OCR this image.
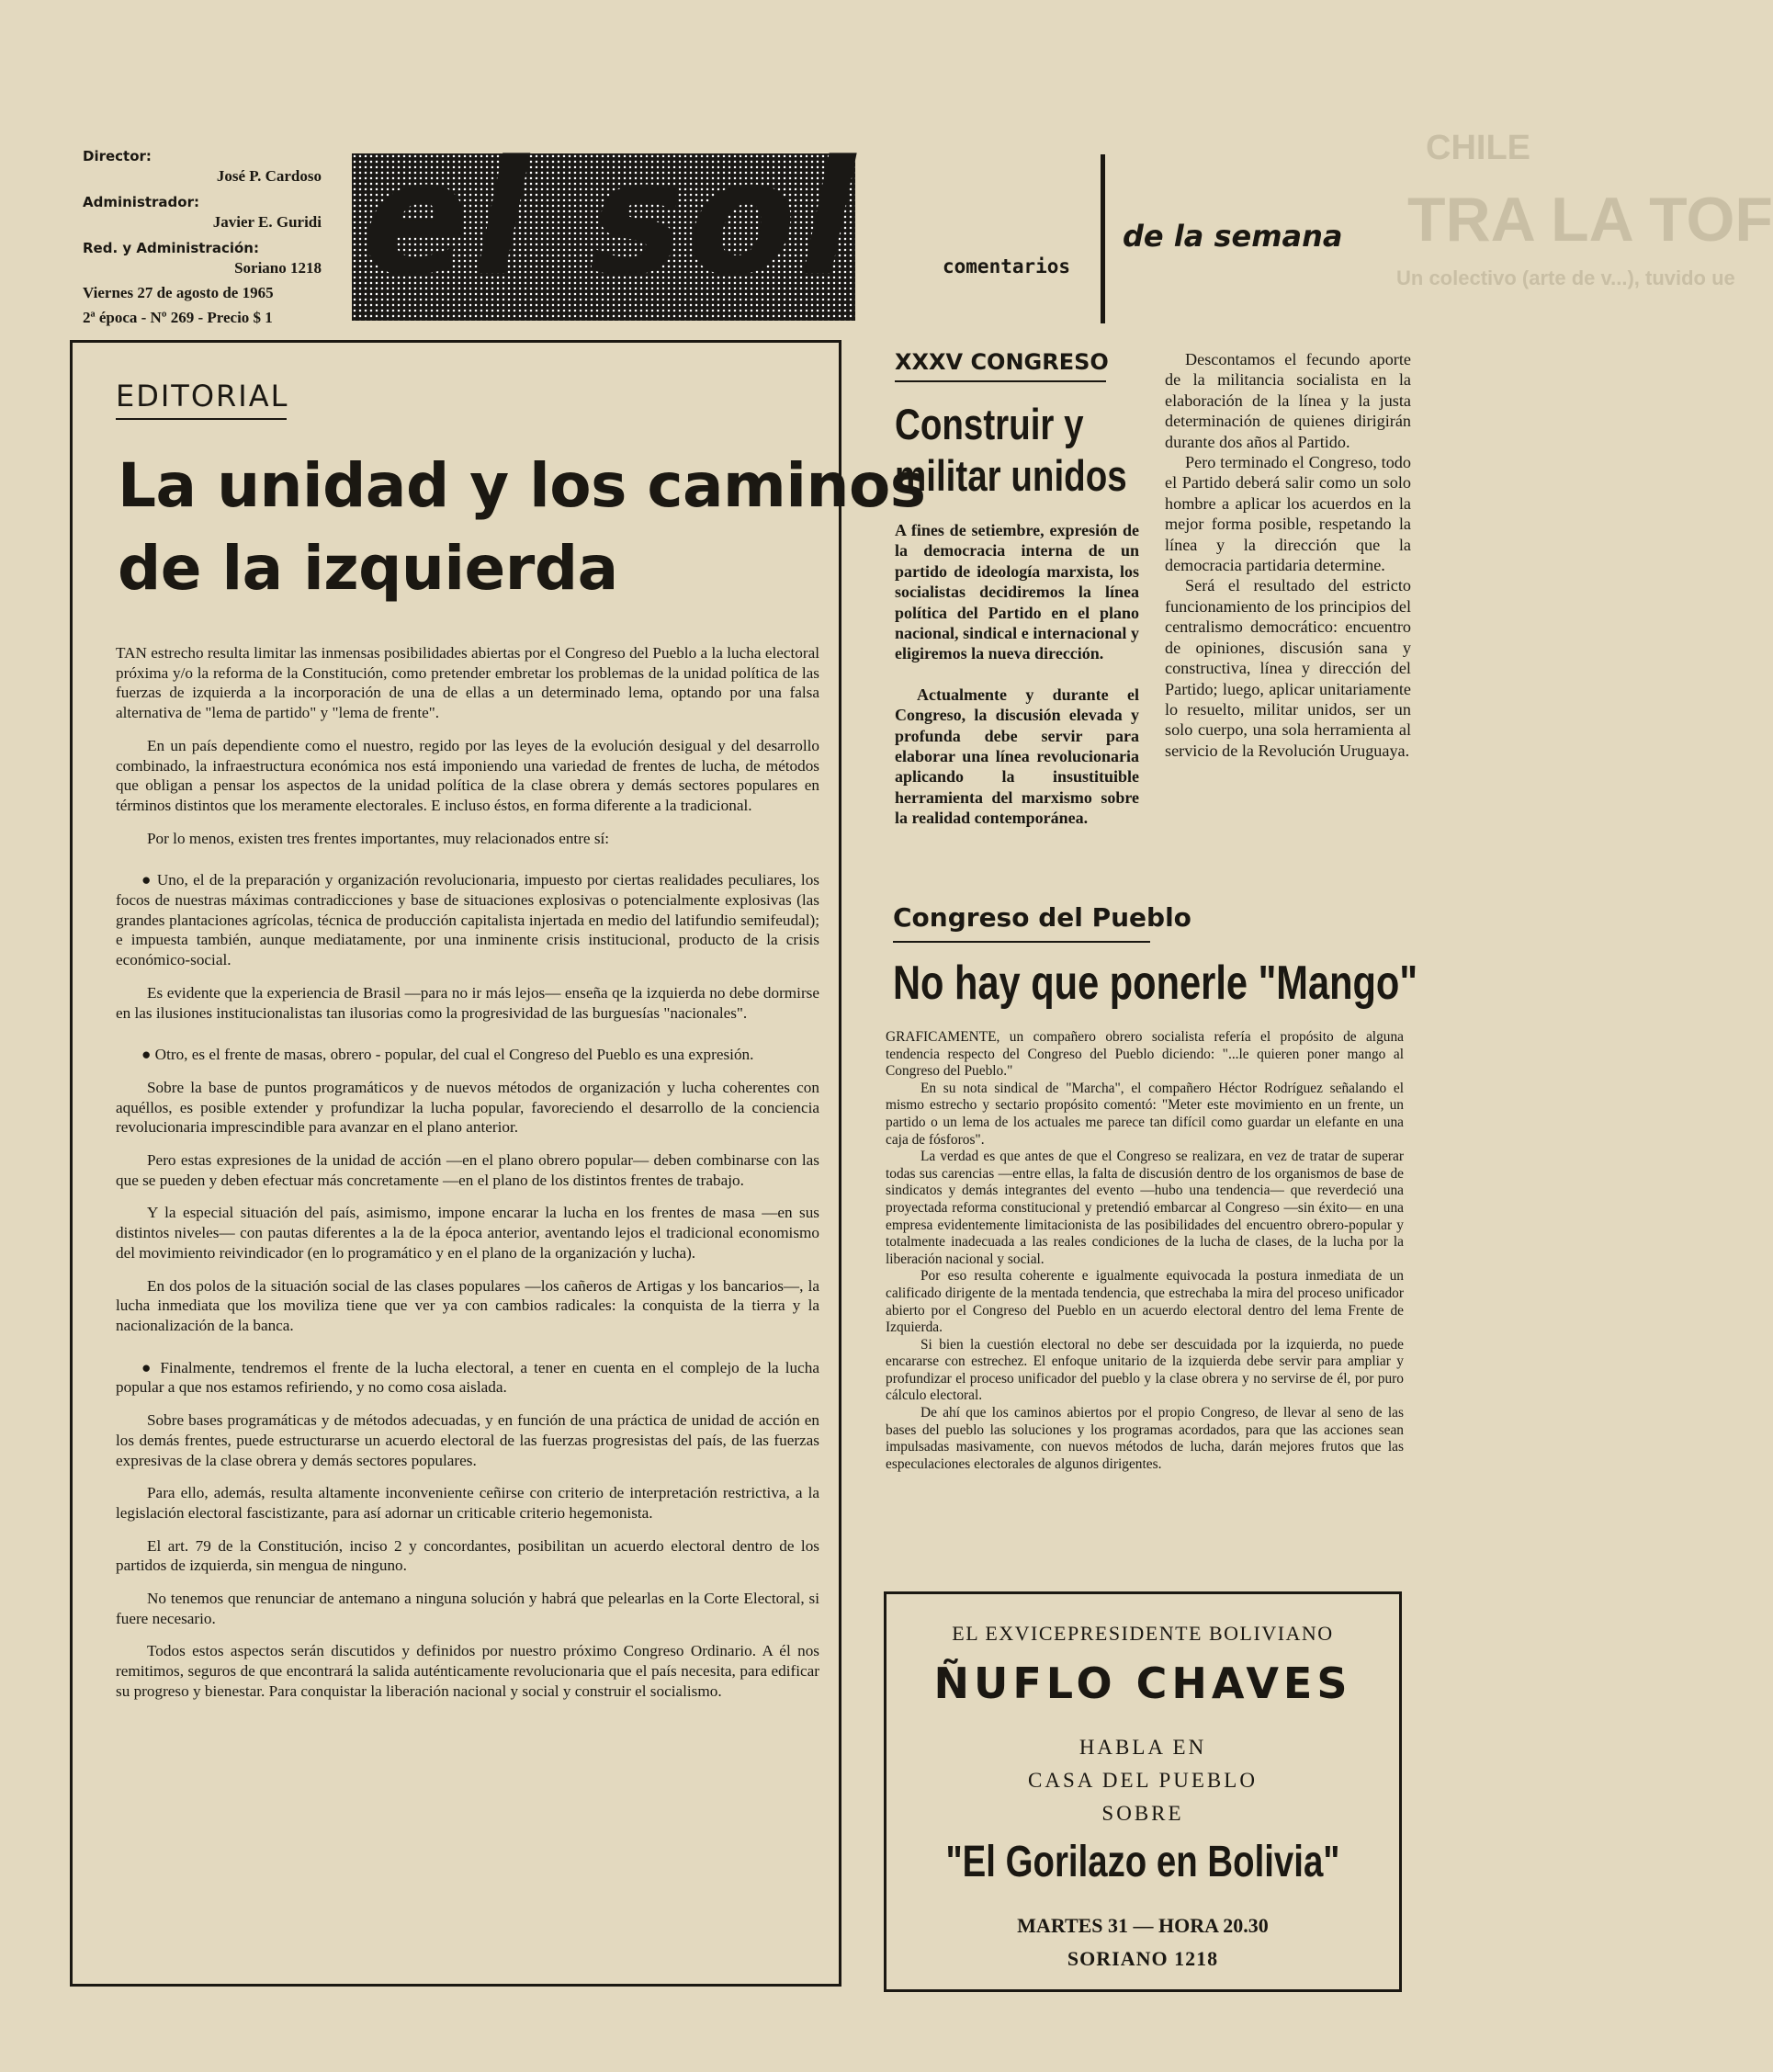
CHILE
TRA LA TOF
Un colectivo (arte de v...), tuvido ue
Director:
José P. Cardoso
Administrador:
Javier E. Guridi
Red. y Administración:
Soriano 1218
Viernes 27 de agosto de 1965
2ª época - Nº 269 - Precio $ 1
el sol	comentarios
de la semana
EDITORIAL
La unidad y los caminos
de la izquierda

TAN estrecho resulta limitar las inmensas posibilidades abiertas por el Congreso del Pueblo a la lucha electoral próxima y/o la reforma de la Constitución, como pretender embretar los problemas de la unidad política de las fuerzas de izquierda a la incorporación de una de ellas a un determinado lema, optando por una falsa alternativa de "lema de partido" y "lema de frente".

En un país dependiente como el nuestro, regido por las leyes de la evolución desigual y del desarrollo combinado, la infraestructura económica nos está imponiendo una variedad de frentes de lucha, de métodos que obligan a pensar los aspectos de la unidad política de la clase obrera y demás sectores populares en términos distintos que los meramente electorales. E incluso éstos, en forma diferente a la tradicional.

Por lo menos, existen tres frentes importantes, muy relacionados entre sí:

● Uno, el de la preparación y organización revolucionaria, impuesto por ciertas realidades peculiares, los focos de nuestras máximas contradicciones y base de situaciones explosivas o potencialmente explosivas (las grandes plantaciones agrícolas, técnica de producción capitalista injertada en medio del latifundio semifeudal); e impuesta también, aunque mediatamente, por una inminente crisis institucional, producto de la crisis económico-social.

Es evidente que la experiencia de Brasil —para no ir más lejos— enseña qe la izquierda no debe dormirse en las ilusiones institucionalistas tan ilusorias como la progresividad de las burguesías "nacionales".

● Otro, es el frente de masas, obrero - popular, del cual el Congreso del Pueblo es una expresión.

Sobre la base de puntos programáticos y de nuevos métodos de organización y lucha coherentes con aquéllos, es posible extender y profundizar la lucha popular, favoreciendo el desarrollo de la conciencia revolucionaria imprescindible para avanzar en el plano anterior.

Pero estas expresiones de la unidad de acción —en el plano obrero popular— deben combinarse con las que se pueden y deben efectuar más concretamente —en el plano de los distintos frentes de trabajo.

Y la especial situación del país, asimismo, impone encarar la lucha en los frentes de masa —en sus distintos niveles— con pautas diferentes a la de la época anterior, aventando lejos el tradicional economismo del movimiento reivindicador (en lo programático y en el plano de la organización y lucha).

En dos polos de la situación social de las clases populares —los cañeros de Artigas y los bancarios—, la lucha inmediata que los moviliza tiene que ver ya con cambios radicales: la conquista de la tierra y la nacionalización de la banca.

● Finalmente, tendremos el frente de la lucha electoral, a tener en cuenta en el complejo de la lucha popular a que nos estamos refiriendo, y no como cosa aislada.

Sobre bases programáticas y de métodos adecuadas, y en función de una práctica de unidad de acción en los demás frentes, puede estructurarse un acuerdo electoral de las fuerzas progresistas del país, de las fuerzas expresivas de la clase obrera y demás sectores populares.

Para ello, además, resulta altamente inconveniente ceñirse con criterio de interpretación restrictiva, a la legislación electoral fascistizante, para así adornar un criticable criterio hegemonista.

El art. 79 de la Constitución, inciso 2 y concordantes, posibilitan un acuerdo electoral dentro de los partidos de izquierda, sin mengua de ninguno.

No tenemos que renunciar de antemano a ninguna solución y habrá que pelearlas en la Corte Electoral, si fuere necesario.

Todos estos aspectos serán discutidos y definidos por nuestro próximo Congreso Ordinario. A él nos remitimos, seguros de que encontrará la salida auténticamente revolucionaria que el país necesita, para edificar su progreso y bienestar. Para conquistar la liberación nacional y social y construir el socialismo.

XXXV CONGRESO
Construir y
militar unidos

A fines de setiembre, expresión de la democracia interna de un partido de ideología marxista, los socialistas decidiremos la línea política del Partido en el plano nacional, sindical e internacional y eligiremos la nueva dirección.

Actualmente y durante el Congreso, la discusión elevada y profunda debe servir para elaborar una línea revolucionaria aplicando la insustituible herramienta del marxismo sobre la realidad contemporánea.

Descontamos el fecundo aporte de la militancia socialista en la elaboración de la línea y la justa determinación de quienes dirigirán durante dos años al Partido.

Pero terminado el Congreso, todo el Partido deberá salir como un solo hombre a aplicar los acuerdos en la mejor forma posible, respetando la línea y la dirección que la democracia partidaria determine.

Será el resultado del estricto funcionamiento de los principios del centralismo democrático: encuentro de opiniones, discusión sana y constructiva, línea y dirección del Partido; luego, aplicar unitariamente lo resuelto, militar unidos, ser un solo cuerpo, una sola herramienta al servicio de la Revolución Uruguaya.

Congreso del Pueblo
No hay que ponerle "Mango"

GRAFICAMENTE, un compañero obrero socialista refería el propósito de alguna tendencia respecto del Congreso del Pueblo diciendo: "...le quieren poner mango al Congreso del Pueblo."

En su nota sindical de "Marcha", el compañero Héctor Rodríguez señalando el mismo estrecho y sectario propósito comentó: "Meter este movimiento en un frente, un partido o un lema de los actuales me parece tan difícil como guardar un elefante en una caja de fósforos".

La verdad es que antes de que el Congreso se realizara, en vez de tratar de superar todas sus carencias —entre ellas, la falta de discusión dentro de los organismos de base de sindicatos y demás integrantes del evento —hubo una tendencia— que reverdeció una proyectada reforma constitucional y pretendió embarcar al Congreso —sin éxito— en una empresa evidentemente limitacionista de las posibilidades del encuentro obrero-popular y totalmente inadecuada a las reales condiciones de la lucha de clases, de la lucha por la liberación nacional y social.

Por eso resulta coherente e igualmente equivocada la postura inmediata de un calificado dirigente de la mentada tendencia, que estrechaba la mira del proceso unificador abierto por el Congreso del Pueblo en un acuerdo electoral dentro del lema Frente de Izquierda.

Si bien la cuestión electoral no debe ser descuidada por la izquierda, no puede encararse con estrechez. El enfoque unitario de la izquierda debe servir para ampliar y profundizar el proceso unificador del pueblo y la clase obrera y no servirse de él, por puro cálculo electoral.

De ahí que los caminos abiertos por el propio Congreso, de llevar al seno de las bases del pueblo las soluciones y los programas acordados, para que las acciones sean impulsadas masivamente, con nuevos métodos de lucha, darán mejores frutos que las especulaciones electorales de algunos dirigentes.

EL EXVICEPRESIDENTE BOLIVIANO
ÑUFLO CHAVES
HABLA EN
CASA DEL PUEBLO
SOBRE
"El Gorilazo en Bolivia"
MARTES 31 — HORA 20.30
SORIANO 1218
